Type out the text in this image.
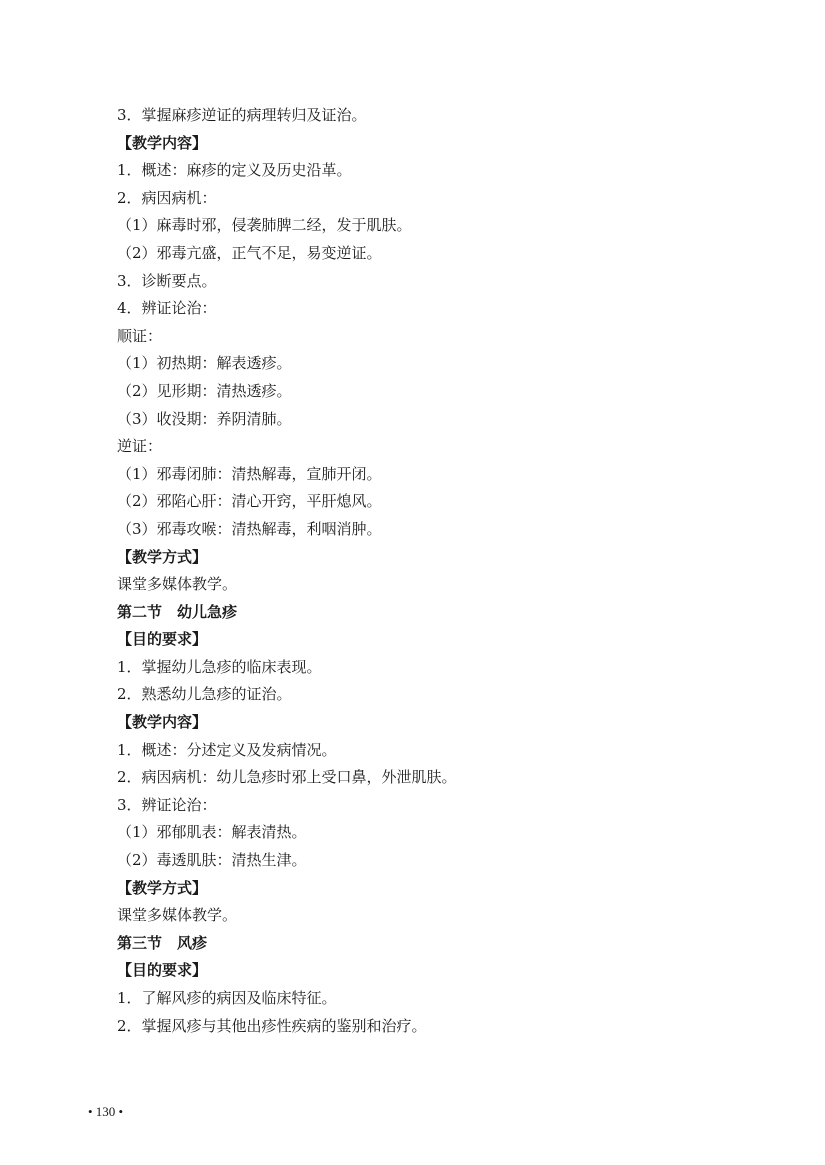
3．掌握麻疹逆证的病理转归及证治。
【教学内容】
1．概述：麻疹的定义及历史沿革。
2．病因病机：
（1）麻毒时邪，侵袭肺脾二经，发于肌肤。
（2）邪毒亢盛，正气不足，易变逆证。
3．诊断要点。
4．辨证论治：
顺证：
（1）初热期：解表透疹。
（2）见形期：清热透疹。
（3）收没期：养阴清肺。
逆证：
（1）邪毒闭肺：清热解毒，宣肺开闭。
（2）邪陷心肝：清心开窍，平肝熄风。
（3）邪毒攻喉：清热解毒，利咽消肿。
【教学方式】
课堂多媒体教学。
第二节　幼儿急疹
【目的要求】
1．掌握幼儿急疹的临床表现。
2．熟悉幼儿急疹的证治。
【教学内容】
1．概述：分述定义及发病情况。
2．病因病机：幼儿急疹时邪上受口鼻，外泄肌肤。
3．辨证论治：
（1）邪郁肌表：解表清热。
（2）毒透肌肤：清热生津。
【教学方式】
课堂多媒体教学。
第三节　风疹
【目的要求】
1．了解风疹的病因及临床特征。
2．掌握风疹与其他出疹性疾病的鉴别和治疗。
• 130 •
